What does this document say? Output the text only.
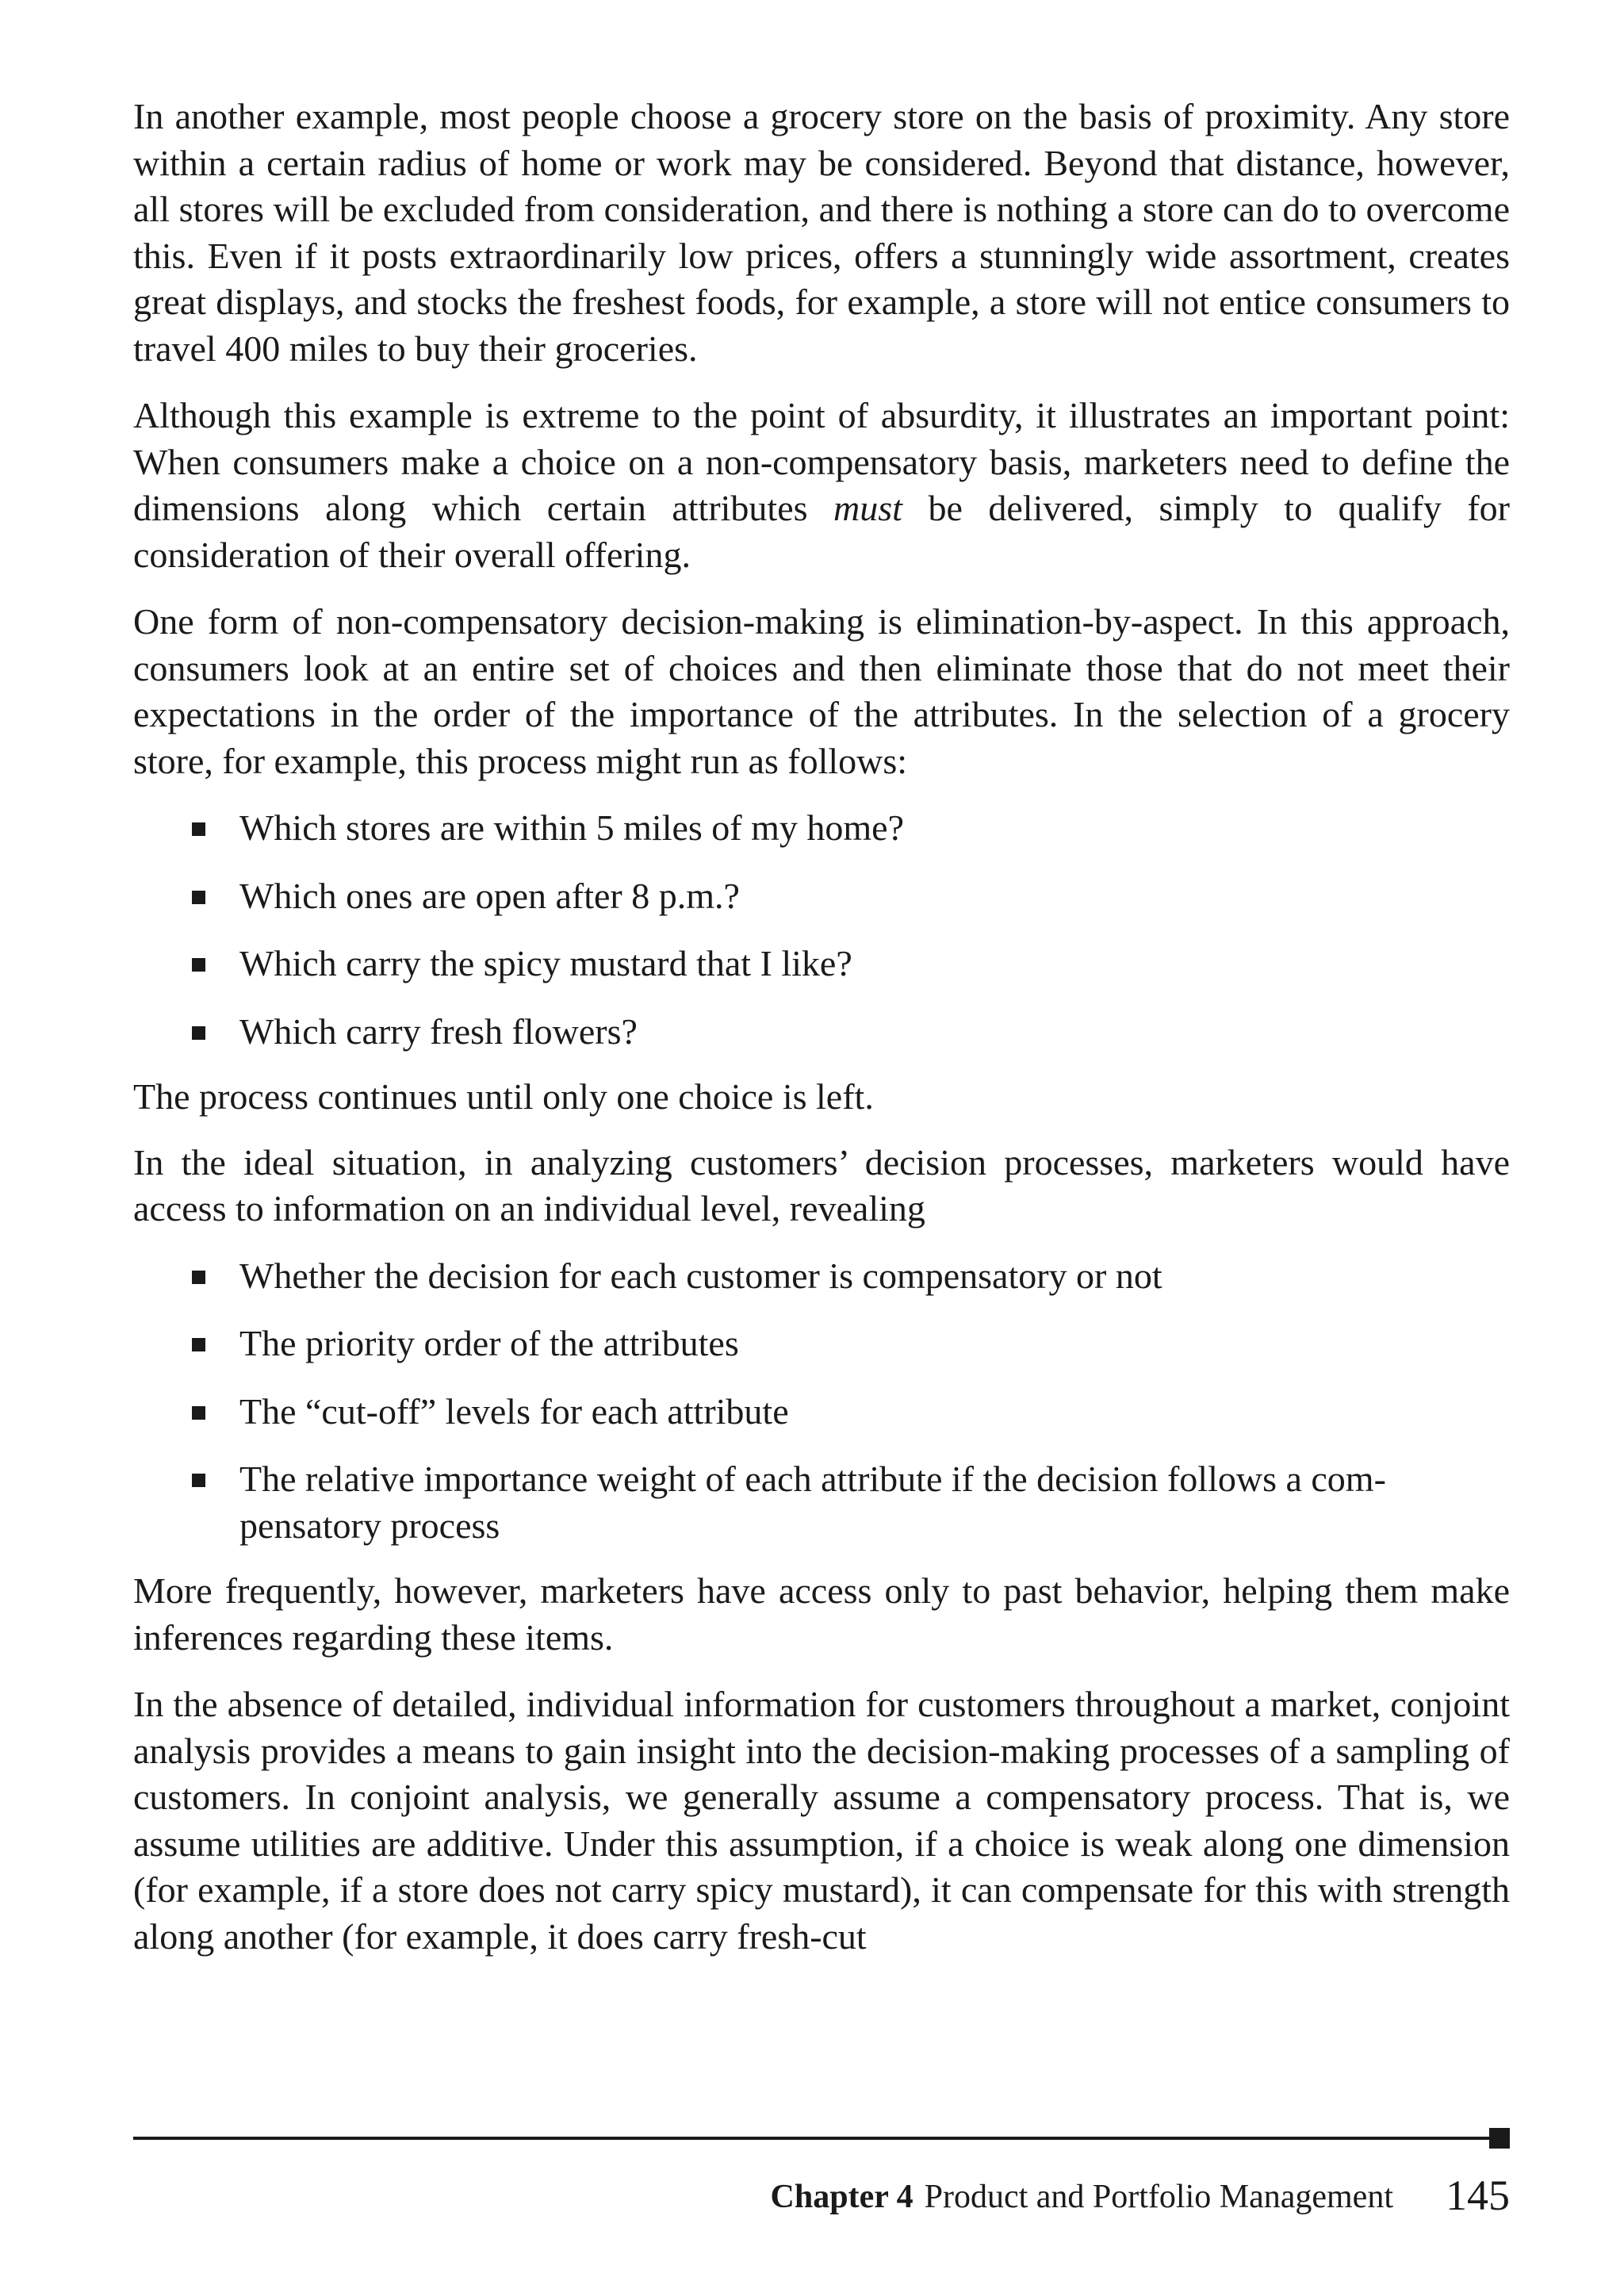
In another example, most people choose a grocery store on the basis of proximity. Any store within a certain radius of home or work may be considered. Beyond that distance, however, all stores will be excluded from consideration, and there is nothing a store can do to overcome this. Even if it posts extraordinarily low prices, offers a stunningly wide assortment, creates great displays, and stocks the freshest foods, for example, a store will not entice consumers to travel 400 miles to buy their groceries.

Although this example is extreme to the point of absurdity, it illustrates an important point: When consumers make a choice on a non-compensatory basis, marketers need to define the dimensions along which certain attributes must be delivered, simply to qualify for consideration of their overall offering.

One form of non-compensatory decision-making is elimination-by-aspect. In this approach, consumers look at an entire set of choices and then eliminate those that do not meet their expectations in the order of the importance of the attributes. In the selection of a grocery store, for example, this process might run as follows:

Which stores are within 5 miles of my home?
Which ones are open after 8 p.m.?
Which carry the spicy mustard that I like?
Which carry fresh flowers?

The process continues until only one choice is left.

In the ideal situation, in analyzing customers’ decision processes, marketers would have access to information on an individual level, revealing

Whether the decision for each customer is compensatory or not
The priority order of the attributes
The “cut-off” levels for each attribute
The relative importance weight of each attribute if the decision follows a compensatory process

More frequently, however, marketers have access only to past behavior, helping them make inferences regarding these items.

In the absence of detailed, individual information for customers throughout a market, conjoint analysis provides a means to gain insight into the decision-making processes of a sampling of customers. In conjoint analysis, we generally assume a compensatory process. That is, we assume utilities are additive. Under this assumption, if a choice is weak along one dimension (for example, if a store does not carry spicy mustard), it can compensate for this with strength along another (for example, it does carry fresh-cut

Chapter 4 Product and Portfolio Management 145
